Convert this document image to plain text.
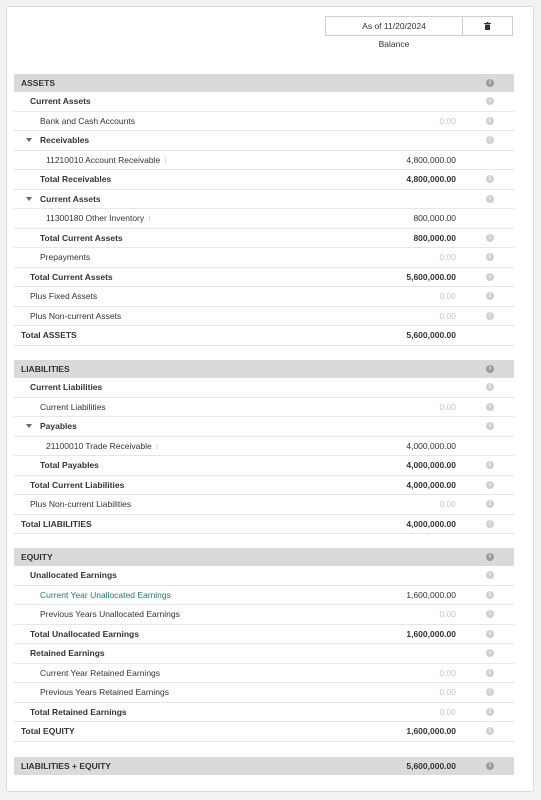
As of 11/20/2024
Balance
ASSETS	i
Current Assets	i
Bank and Cash Accounts	0.00	i
Receivables	i
11210010 Account Receivable ⁝	4,800,000.00
Total Receivables	4,800,000.00	i
Current Assets	i
11300180 Other Inventory ⁝	800,000.00
Total Current Assets	800,000.00	i
Prepayments	0.00	i
Total Current Assets	5,600,000.00	i
Plus Fixed Assets	0.00	i
Plus Non-current Assets	0.00	i
Total ASSETS	5,600,000.00
LIABILITIES	i
Current Liabilities	i
Current Liabilities	0.00	i
Payables	i
21100010 Trade Receivable ⁝	4,000,000.00
Total Payables	4,000,000.00	i
Total Current Liabilities	4,000,000.00	i
Plus Non-current Liabilities	0.00	i
Total LIABILITIES	4,000,000.00	i
EQUITY	i
Unallocated Earnings	i
Current Year Unallocated Earnings	1,600,000.00	i
Previous Years Unallocated Earnings	0.00	i
Total Unallocated Earnings	1,600,000.00	i
Retained Earnings	i
Current Year Retained Earnings	0.00	i
Previous Years Retained Earnings	0.00	i
Total Retained Earnings	0.00	i
Total EQUITY	1,600,000.00	i
LIABILITIES + EQUITY	5,600,000.00	i
